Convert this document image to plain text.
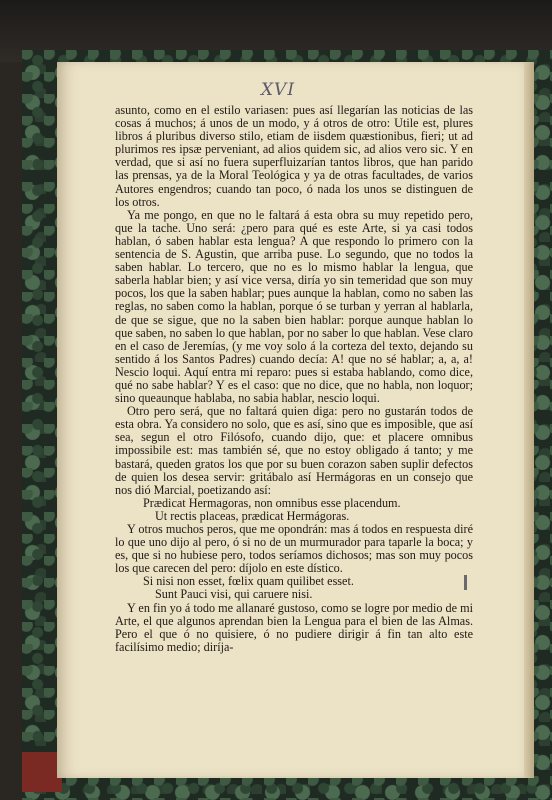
XVI

asunto, como en el estilo variasen: pues así llegarían las noticias de las cosas á muchos; á unos de un modo, y á otros de otro: Utile est, plures libros á pluribus diverso stilo, etiam de iisdem quæstionibus, fieri; ut ad plurimos res ipsæ perveniant, ad alios quidem sic, ad alios vero sic. Y en verdad, que si así no fuera superfluizarían tantos libros, que han parido las prensas, ya de la Moral Teológica y ya de otras facultades, de varios Autores engendros; cuando tan poco, ó nada los unos se distinguen de los otros.

Ya me pongo, en que no le faltará á esta obra su muy repetido pero, que la tache. Uno será: ¿pero para qué es este Arte, si ya casi todos hablan, ó saben hablar esta lengua? A que respondo lo primero con la sentencia de S. Agustin, que arriba puse. Lo segundo, que no todos la saben hablar. Lo tercero, que no es lo mismo hablar la lengua, que saberla hablar bien; y así vice versa, diría yo sin temeridad que son muy pocos, los que la saben hablar; pues aunque la hablan, como no saben las reglas, no saben como la hablan, porque ó se turban y yerran al hablarla, de que se sigue, que no la saben bien hablar: porque aunque hablan lo que saben, no saben lo que hablan, por no saber lo que hablan. Vese claro en el caso de Jeremías, (y me voy solo á la corteza del texto, dejando su sentido á los Santos Padres) cuando decía: A! que no sé hablar; a, a, a! Nescio loqui. Aquí entra mi reparo: pues si estaba hablando, como dice, qué no sabe hablar? Y es el caso: que no dice, que no habla, non loquor; sino queaunque hablaba, no sabia hablar, nescio loqui.

Otro pero será, que no faltará quien diga: pero no gustarán todos de esta obra. Ya considero no solo, que es así, sino que es imposible, que así sea, segun el otro Filósofo, cuando dijo, que: et placere omnibus impossibile est: mas también sé, que no estoy obligado á tanto; y me bastará, queden gratos los que por su buen corazon saben suplir defectos de quien los desea servir: gritábalo así Hermágoras en un consejo que nos dió Marcial, poetizando así:

Prædicat Hermagoras, non omnibus esse placendum.

Ut rectis placeas, prædicat Hermágoras.

Y otros muchos peros, que me opondrán: mas á todos en respuesta diré lo que uno dijo al pero, ó si no de un murmurador para taparle la boca; y es, que si no hubiese pero, todos seríamos dichosos; mas son muy pocos los que carecen del pero: díjolo en este dístico.

Si nisi non esset, fœlix quam quilibet esset.

Sunt Pauci visi, qui caruere nisi.

Y en fin yo á todo me allanaré gustoso, como se logre por medio de mi Arte, el que algunos aprendan bien la Lengua para el bien de las Almas. Pero el que ó no quisiere, ó no pudiere dirigir á fin tan alto este facilísimo medio; diríja-
